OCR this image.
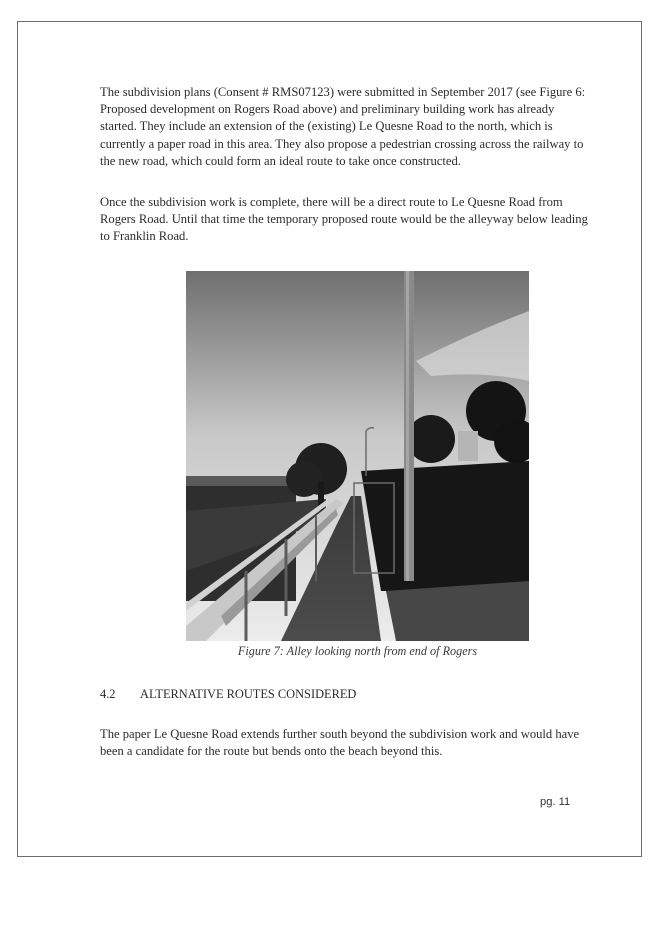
The subdivision plans (Consent # RMS07123) were submitted in September 2017 (see Figure 6: Proposed development on Rogers Road above) and preliminary building work has already started. They include an extension of the (existing) Le Quesne Road to the north, which is currently a paper road in this area. They also propose a pedestrian crossing across the railway to the new road, which could form an ideal route to take once constructed.

Once the subdivision work is complete, there will be a direct route to Le Quesne Road from Rogers Road. Until that time the temporary proposed route would be the alleyway below leading to Franklin Road.

Figure 7: Alley looking north from end of Rogers
4.2 ALTERNATIVE ROUTES CONSIDERED

The paper Le Quesne Road extends further south beyond the subdivision work and would have been a candidate for the route but bends onto the beach beyond this.

pg. 11
